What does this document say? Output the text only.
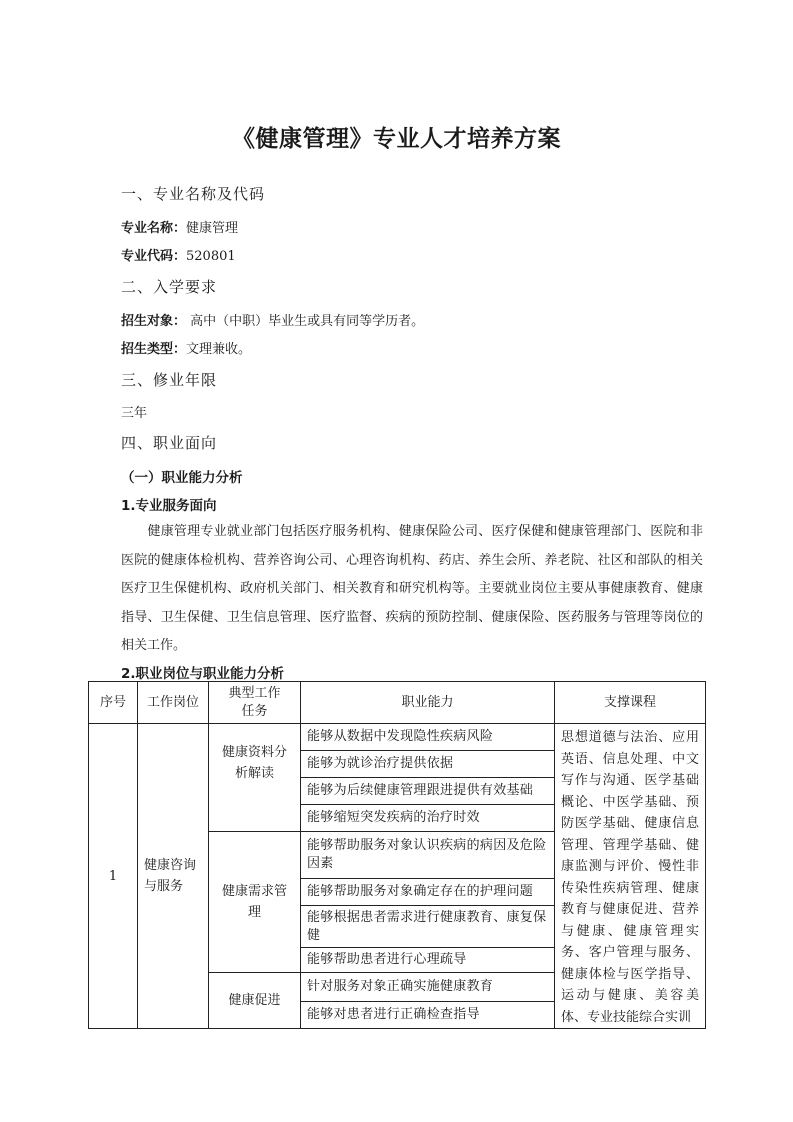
《健康管理》专业人才培养方案
一、专业名称及代码
专业名称：健康管理
专业代码：520801
二、入学要求
招生对象： 高中（中职）毕业生或具有同等学历者。
招生类型：文理兼收。
三、修业年限
三年
四、职业面向
（一）职业能力分析
1.专业服务面向

　　健康管理专业就业部门包括医疗服务机构、健康保险公司、医疗保健和健康管理部门、医院和非医院的健康体检机构、营养咨询公司、心理咨询机构、药店、养生会所、养老院、社区和部队的相关医疗卫生保健机构、政府机关部门、相关教育和研究机构等。主要就业岗位主要从事健康教育、健康指导、卫生保健、卫生信息管理、医疗监督、疾病的预防控制、健康保险、医药服务与管理等岗位的相关工作。

2.职业岗位与职业能力分析
序号	工作岗位	典型工作任务	职业能力	支撑课程
1	健康咨询与服务	健康资料分析解读	能够从数据中发现隐性疾病风险	思想道德与法治、应用英语、信息处理、中文写作与沟通、医学基础概论、中医学基础、预防医学基础、健康信息管理、管理学基础、健康监测与评价、慢性非传染性疾病管理、健康教育与健康促进、营养与健康、健康管理实务、客户管理与服务、健康体检与医学指导、运动与健康、美容美体、专业技能综合实训
			能够为就诊治疗提供依据	
			能够为后续健康管理跟进提供有效基础	
			能够缩短突发疾病的治疗时效	
		健康需求管理	能够帮助服务对象认识疾病的病因及危险因素	
			能够帮助服务对象确定存在的护理问题	
			能够根据患者需求进行健康教育、康复保健	
			能够帮助患者进行心理疏导	
		健康促进	针对服务对象正确实施健康教育	
			能够对患者进行正确检查指导	
